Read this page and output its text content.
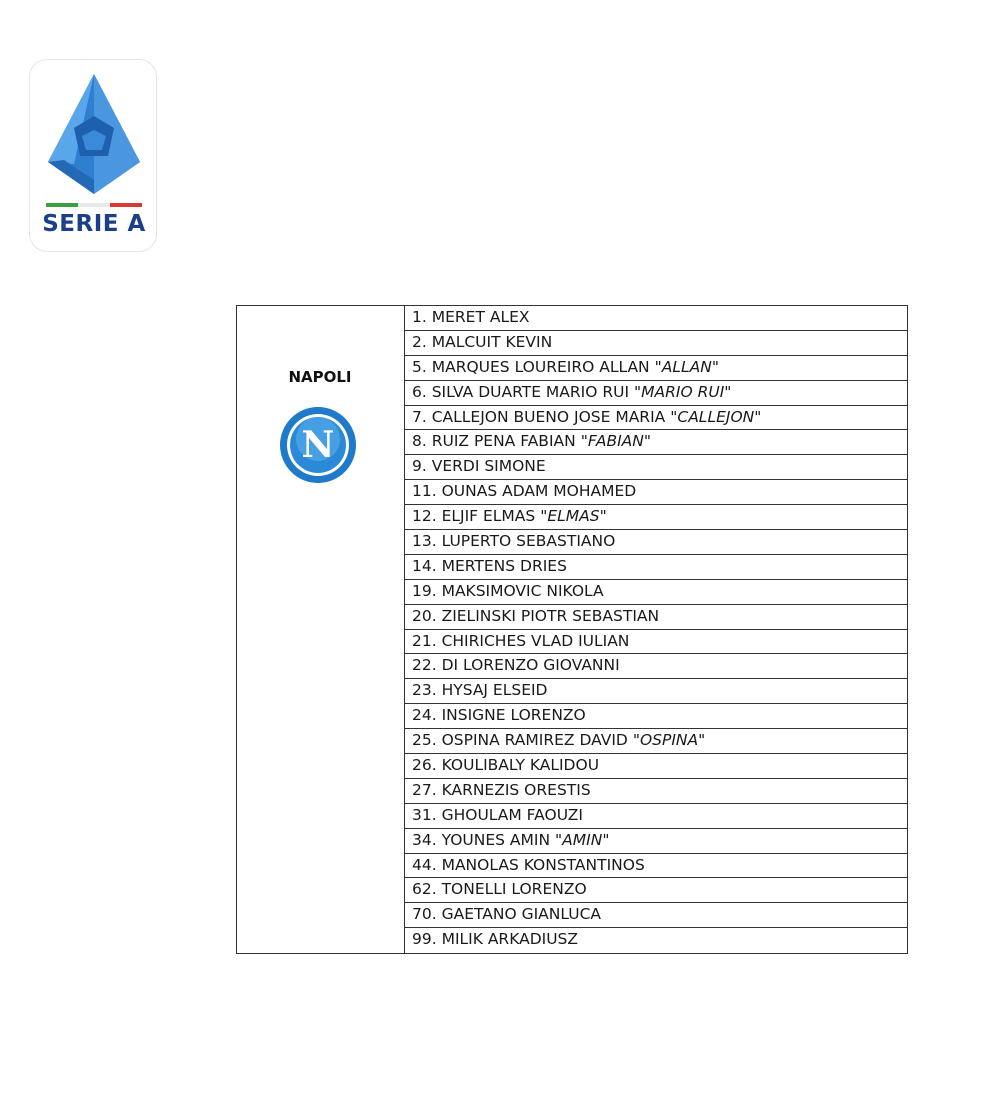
SERIE A
NAPOLI
N
1. MERET ALEX
2. MALCUIT KEVIN
5. MARQUES LOUREIRO ALLAN "ALLAN"
6. SILVA DUARTE MARIO RUI "MARIO RUI"
7. CALLEJON BUENO JOSE MARIA "CALLEJON"
8. RUIZ PENA FABIAN "FABIAN"
9. VERDI SIMONE
11. OUNAS ADAM MOHAMED
12. ELJIF ELMAS "ELMAS"
13. LUPERTO SEBASTIANO
14. MERTENS DRIES
19. MAKSIMOVIC NIKOLA
20. ZIELINSKI PIOTR SEBASTIAN
21. CHIRICHES VLAD IULIAN
22. DI LORENZO GIOVANNI
23. HYSAJ ELSEID
24. INSIGNE LORENZO
25. OSPINA RAMIREZ DAVID "OSPINA"
26. KOULIBALY KALIDOU
27. KARNEZIS ORESTIS
31. GHOULAM FAOUZI
34. YOUNES AMIN "AMIN"
44. MANOLAS KONSTANTINOS
62. TONELLI LORENZO
70. GAETANO GIANLUCA
99. MILIK ARKADIUSZ
